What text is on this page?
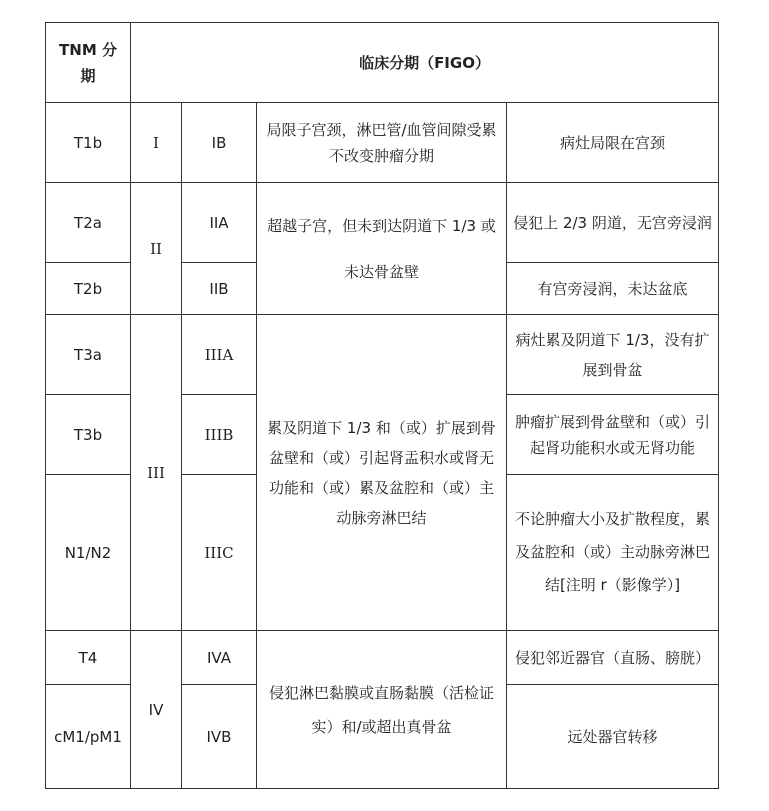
TNM 分期	临床分期（FIGO）			
T1b	I	IB	局限子宫颈，淋巴管/血管间隙受累不改变肿瘤分期	病灶局限在宫颈
T2a	II	IIA	超越子宫，但未到达阴道下 1/3 或未达骨盆壁	侵犯上 2/3 阴道，无宫旁浸润
T2b		IIB		有宫旁浸润，未达盆底
T3a	III	IIIA	累及阴道下 1/3 和（或）扩展到骨盆壁和（或）引起肾盂积水或肾无功能和（或）累及盆腔和（或）主动脉旁淋巴结	病灶累及阴道下 1/3，没有扩展到骨盆
T3b		IIIB		肿瘤扩展到骨盆壁和（或）引起肾功能积水或无肾功能
N1/N2		IIIC		不论肿瘤大小及扩散程度，累及盆腔和（或）主动脉旁淋巴结[注明 r（影像学）]
T4	IV	IVA	侵犯淋巴黏膜或直肠黏膜（活检证实）和/或超出真骨盆	侵犯邻近器官（直肠、膀胱）
cM1/pM1		IVB		远处器官转移
